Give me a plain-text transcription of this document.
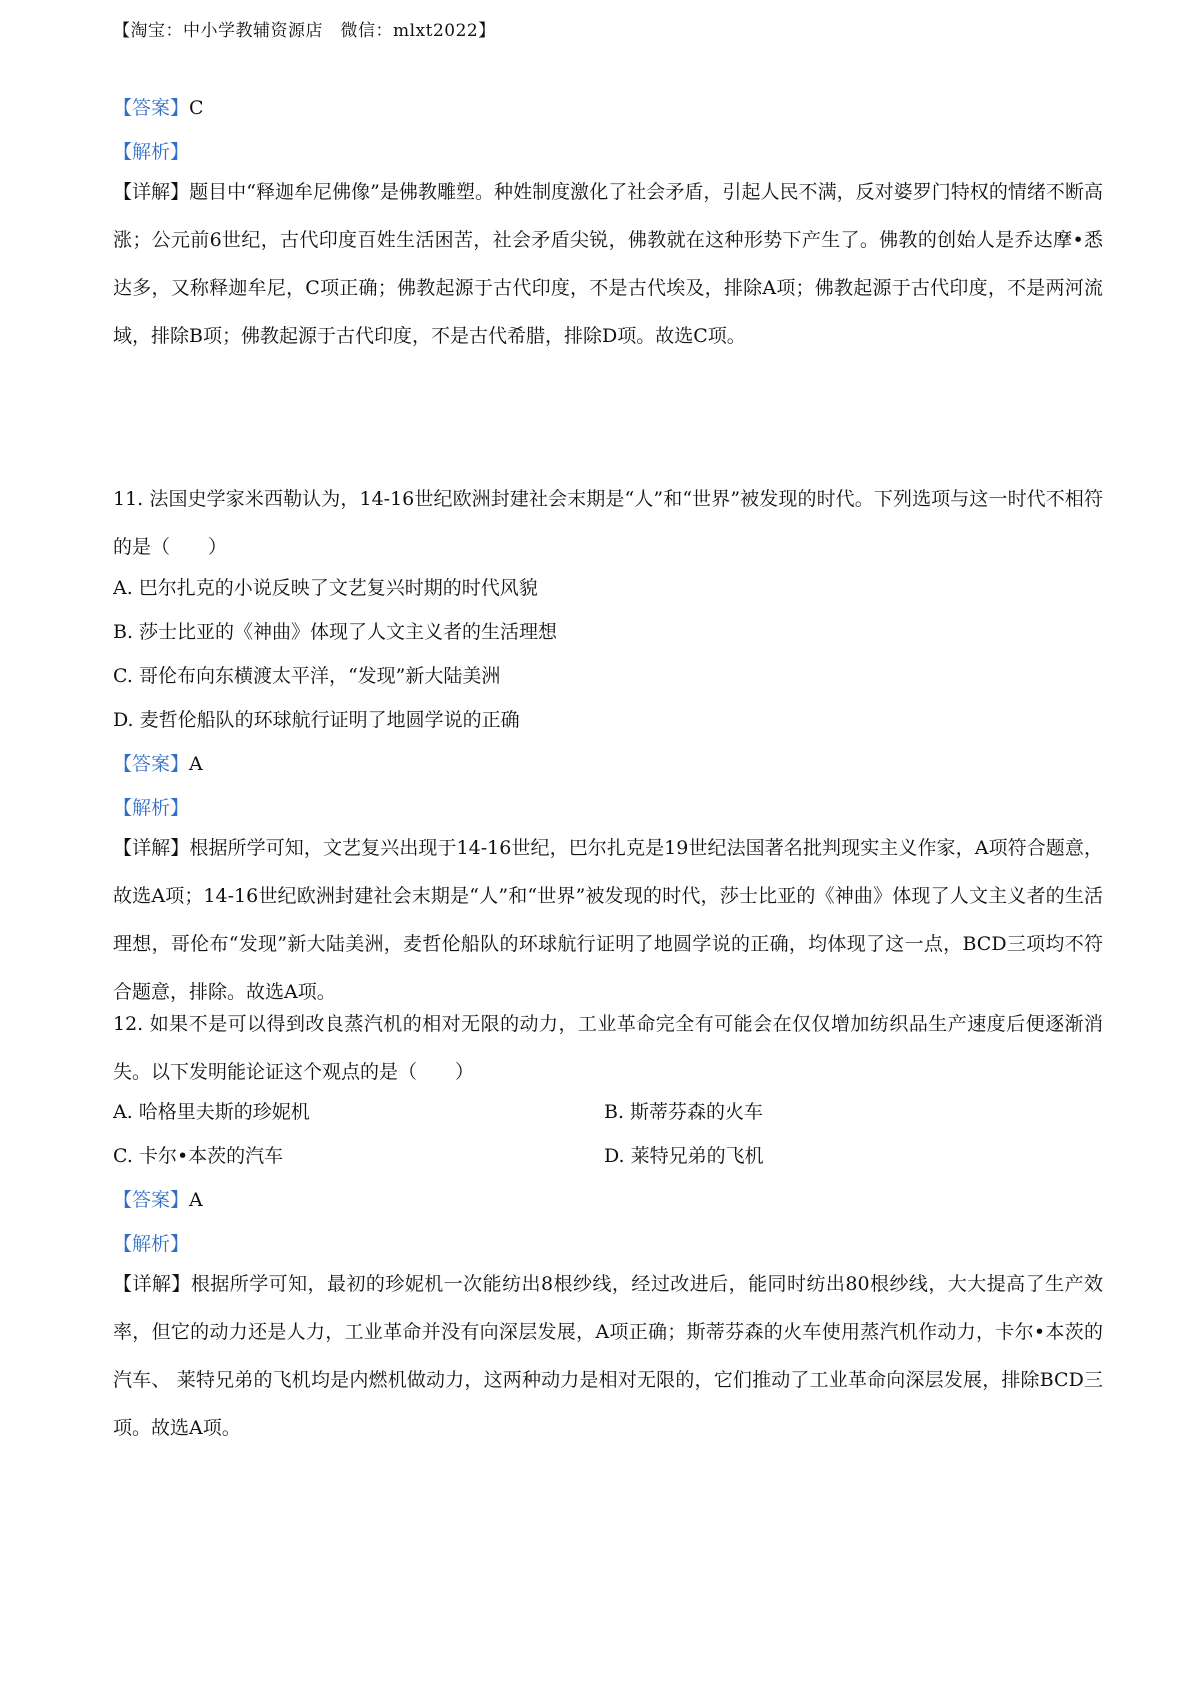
【淘宝：中小学教辅资源店　微信：mlxt2022】
【答案】C
【解析】
【详解】题目中“释迦牟尼佛像”是佛教雕塑。种姓制度激化了社会矛盾，引起人民不满，反对婆罗门特权的情绪不断高涨；公元前6世纪，古代印度百姓生活困苦，社会矛盾尖锐，佛教就在这种形势下产生了。佛教的创始人是乔达摩•悉达多，又称释迦牟尼，C项正确；佛教起源于古代印度，不是古代埃及，排除A项；佛教起源于古代印度，不是两河流域，排除B项；佛教起源于古代印度，不是古代希腊，排除D项。故选C项。
11. 法国史学家米西勒认为，14-16世纪欧洲封建社会末期是“人”和“世界”被发现的时代。下列选项与这一时代不相符的是（　　）
A. 巴尔扎克的小说反映了文艺复兴时期的时代风貌
B. 莎士比亚的《神曲》体现了人文主义者的生活理想
C. 哥伦布向东横渡太平洋，“发现”新大陆美洲
D. 麦哲伦船队的环球航行证明了地圆学说的正确
【答案】A
【解析】
【详解】根据所学可知，文艺复兴出现于14-16世纪，巴尔扎克是19世纪法国著名批判现实主义作家，A项符合题意，故选A项；14-16世纪欧洲封建社会末期是“人”和“世界”被发现的时代，莎士比亚的《神曲》体现了人文主义者的生活理想，哥伦布“发现”新大陆美洲，麦哲伦船队的环球航行证明了地圆学说的正确，均体现了这一点，BCD三项均不符合题意，排除。故选A项。
12. 如果不是可以得到改良蒸汽机的相对无限的动力，工业革命完全有可能会在仅仅增加纺织品生产速度后便逐渐消失。以下发明能论证这个观点的是（　　）
A. 哈格里夫斯的珍妮机	B. 斯蒂芬森的火车
C. 卡尔•本茨的汽车	D. 莱特兄弟的飞机
【答案】A
【解析】
【详解】根据所学可知，最初的珍妮机一次能纺出8根纱线，经过改进后，能同时纺出80根纱线，大大提高了生产效率，但它的动力还是人力，工业革命并没有向深层发展，A项正确；斯蒂芬森的火车使用蒸汽机作动力，卡尔•本茨的汽车、 莱特兄弟的飞机均是内燃机做动力，这两种动力是相对无限的，它们推动了工业革命向深层发展，排除BCD三项。故选A项。
